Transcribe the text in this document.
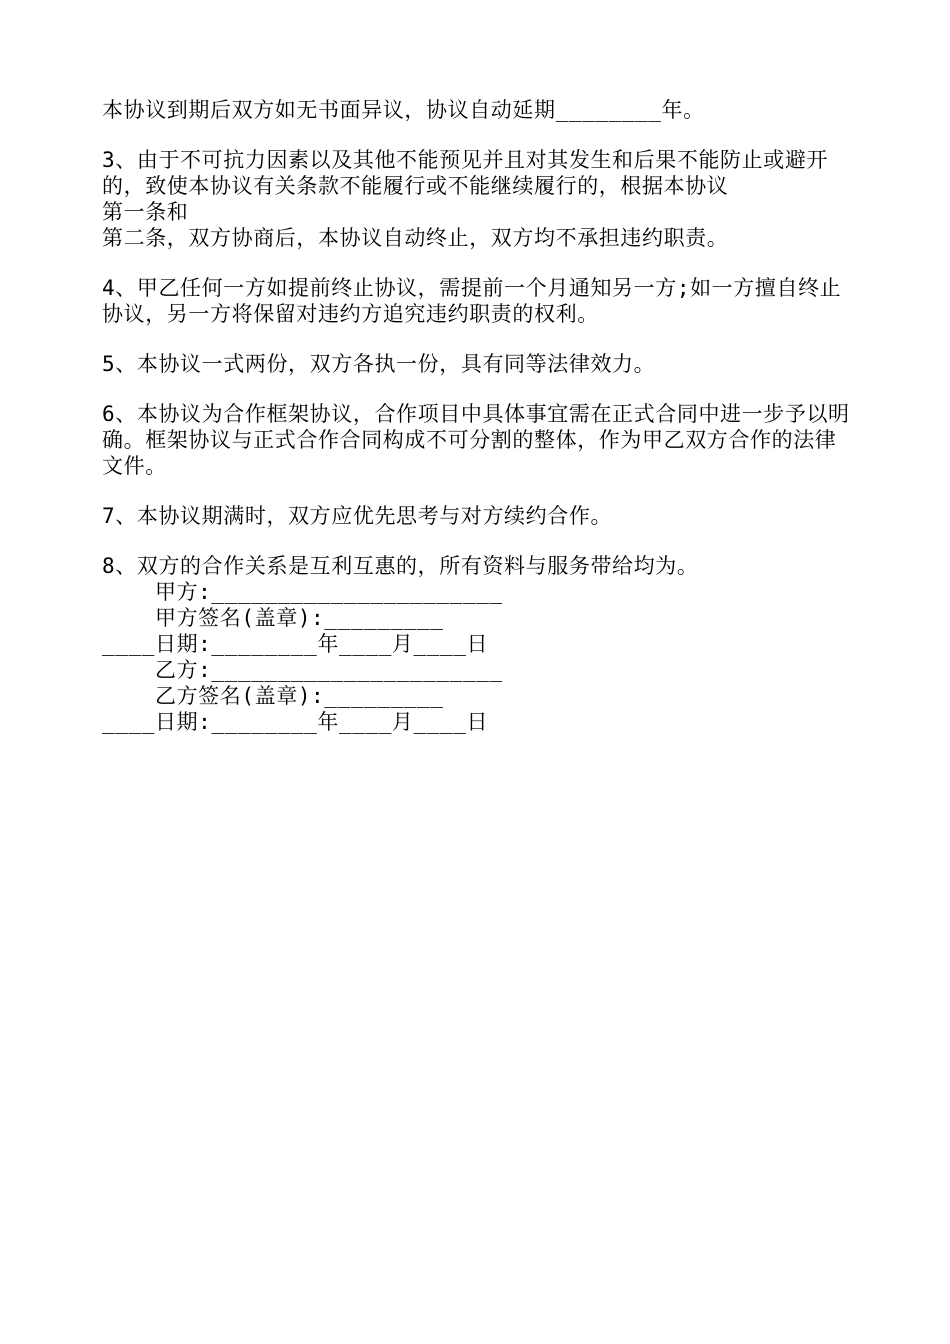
本协议到期后双方如无书面异议，协议自动延期________年。

3、由于不可抗力因素以及其他不能预见并且对其发生和后果不能防止或避开的，致使本协议有关条款不能履行或不能继续履行的，根据本协议
第一条和
第二条，双方协商后，本协议自动终止，双方均不承担违约职责。

4、甲乙任何一方如提前终止协议，需提前一个月通知另一方;如一方擅自终止协议，另一方将保留对违约方追究违约职责的权利。

5、本协议一式两份，双方各执一份，具有同等法律效力。

6、本协议为合作框架协议，合作项目中具体事宜需在正式合同中进一步予以明确。框架协议与正式合作合同构成不可分割的整体，作为甲乙双方合作的法律文件。

7、本协议期满时，双方应优先思考与对方续约合作。

8、双方的合作关系是互利互惠的，所有资料与服务带给均为。
甲方:______________________
甲方签名(盖章):_________
____日期:________年____月____日
乙方:______________________
乙方签名(盖章):_________
____日期:________年____月____日
